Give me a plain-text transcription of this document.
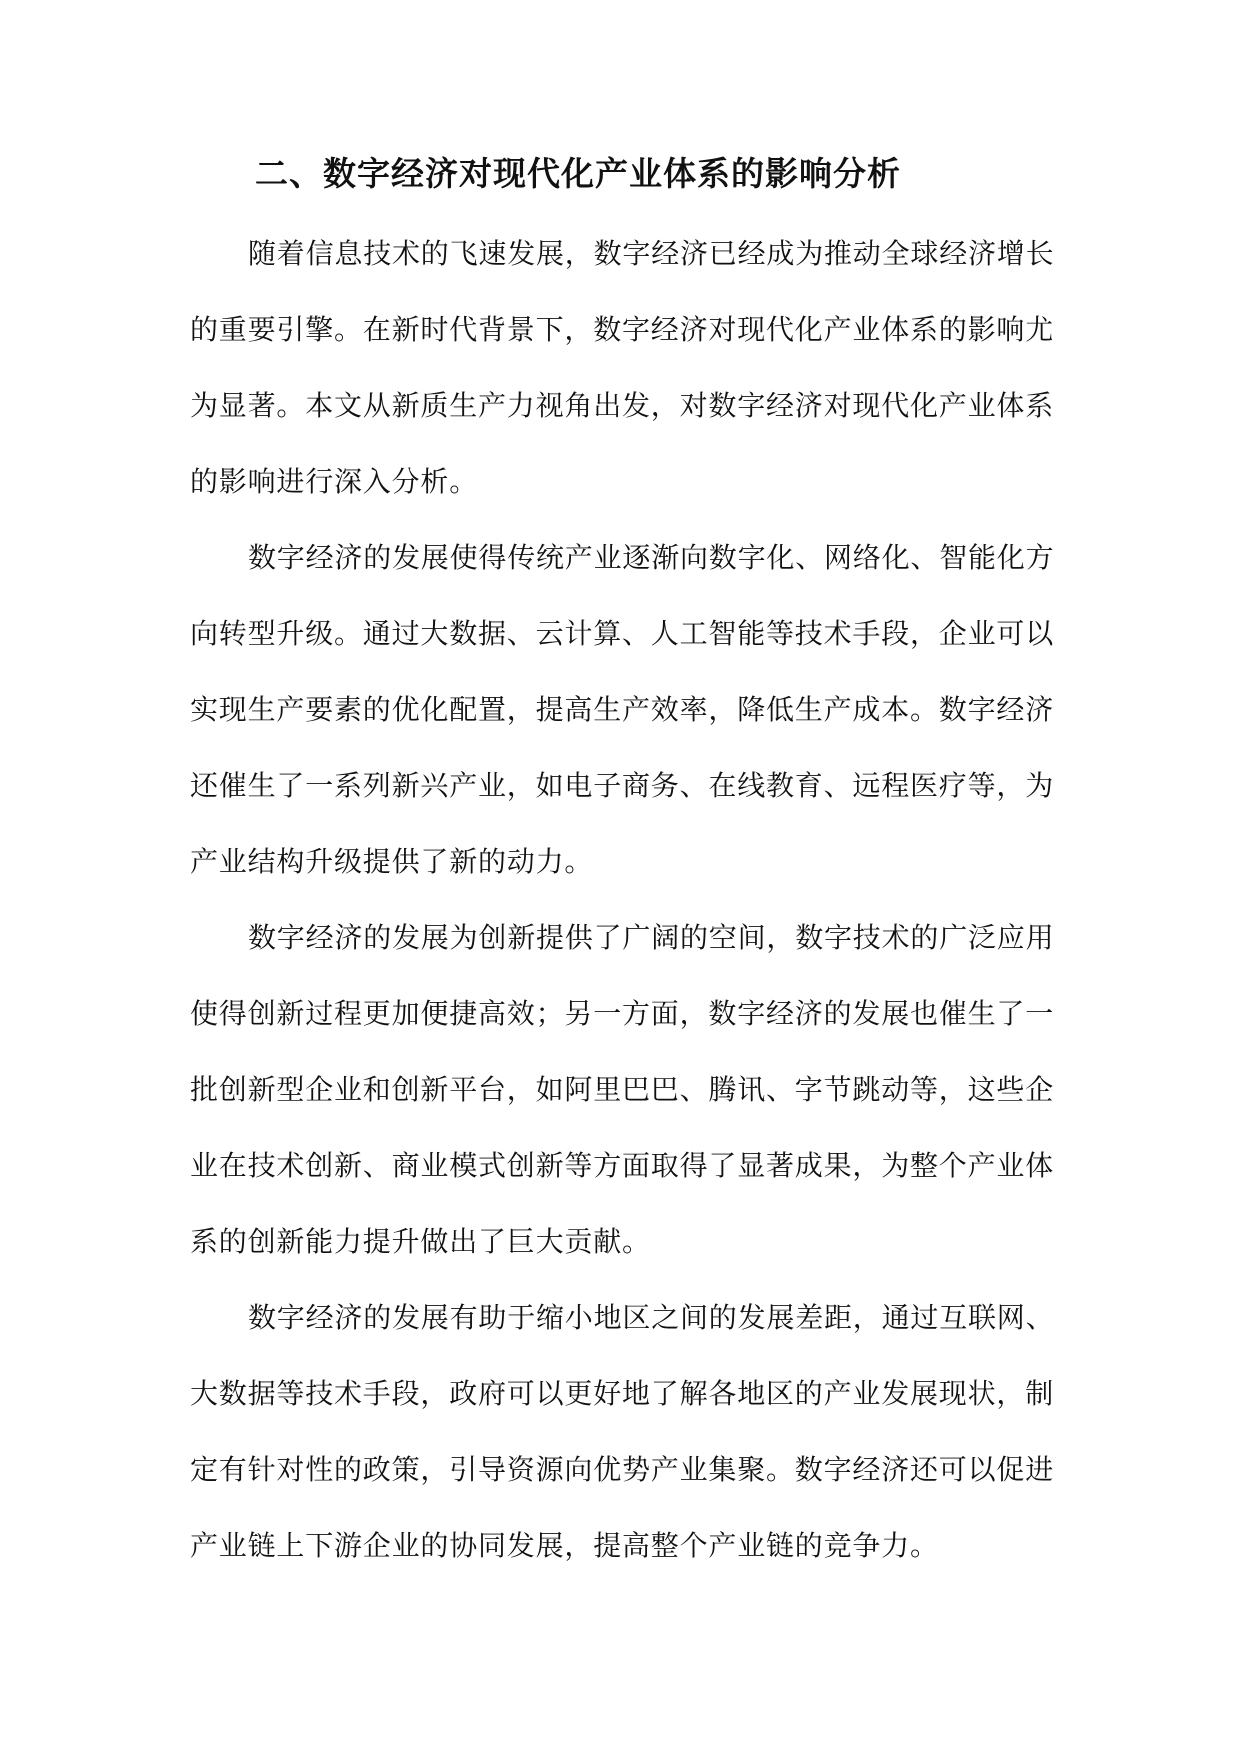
二、数字经济对现代化产业体系的影响分析
随着信息技术的飞速发展，数字经济已经成为推动全球经济增长
的重要引擎。在新时代背景下，数字经济对现代化产业体系的影响尤
为显著。本文从新质生产力视角出发，对数字经济对现代化产业体系
的影响进行深入分析。
数字经济的发展使得传统产业逐渐向数字化、网络化、智能化方
向转型升级。通过大数据、云计算、人工智能等技术手段，企业可以
实现生产要素的优化配置，提高生产效率，降低生产成本。数字经济
还催生了一系列新兴产业，如电子商务、在线教育、远程医疗等，为
产业结构升级提供了新的动力。
数字经济的发展为创新提供了广阔的空间，数字技术的广泛应用
使得创新过程更加便捷高效；另一方面，数字经济的发展也催生了一
批创新型企业和创新平台，如阿里巴巴、腾讯、字节跳动等，这些企
业在技术创新、商业模式创新等方面取得了显著成果，为整个产业体
系的创新能力提升做出了巨大贡献。
数字经济的发展有助于缩小地区之间的发展差距，通过互联网、
大数据等技术手段，政府可以更好地了解各地区的产业发展现状，制
定有针对性的政策，引导资源向优势产业集聚。数字经济还可以促进
产业链上下游企业的协同发展，提高整个产业链的竞争力。
